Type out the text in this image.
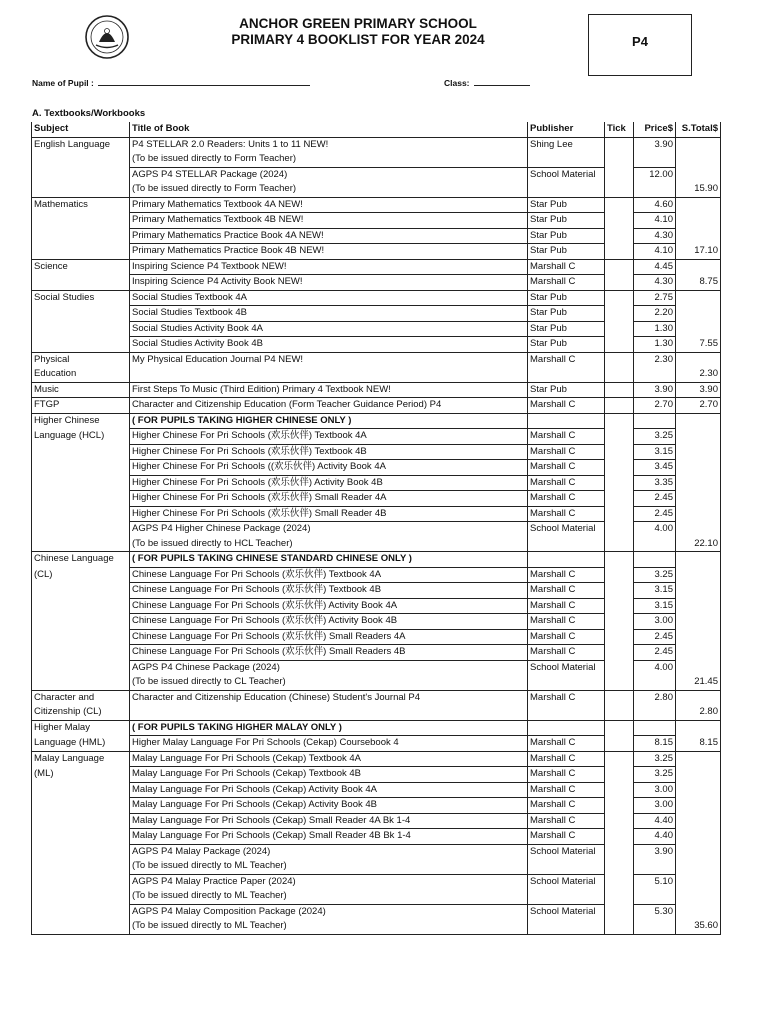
ANCHOR GREEN PRIMARY SCHOOL
PRIMARY 4 BOOKLIST FOR YEAR 2024	P4
Name of Pupil :	Class:
A. Textbooks/Workbooks
Subject	Title of Book	Publisher	Tick	Price$	S.Total$
English Language	P4 STELLAR 2.0 Readers: Units 1 to 11 NEW!	Shing Lee		3.90	
	(To be issued directly to Form Teacher)				
	AGPS P4 STELLAR Package (2024)	School Material		12.00	
	(To be issued directly to Form Teacher)				15.90
Mathematics	Primary Mathematics Textbook 4A NEW!	Star Pub		4.60	
	Primary Mathematics Textbook 4B NEW!	Star Pub		4.10	
	Primary Mathematics Practice Book 4A NEW!	Star Pub		4.30	
	Primary Mathematics Practice Book 4B NEW!	Star Pub		4.10	17.10
Science	Inspiring Science P4 Textbook NEW!	Marshall C		4.45	
	Inspiring Science P4 Activity Book NEW!	Marshall C		4.30	8.75
Social Studies	Social Studies Textbook 4A	Star Pub		2.75	
	Social Studies Textbook 4B	Star Pub		2.20	
	Social Studies Activity Book 4A	Star Pub		1.30	
	Social Studies Activity Book 4B	Star Pub		1.30	7.55
Physical	My Physical Education Journal P4 NEW!	Marshall C		2.30	
Education					2.30
Music	First Steps To Music (Third Edition) Primary 4 Textbook NEW!	Star Pub		3.90	3.90
FTGP	Character and Citizenship Education (Form Teacher Guidance Period) P4	Marshall C		2.70	2.70
Higher Chinese	( FOR PUPILS TAKING HIGHER CHINESE ONLY )				
Language (HCL)	Higher Chinese For Pri Schools (欢乐伙伴) Textbook 4A	Marshall C		3.25	
	Higher Chinese For Pri Schools (欢乐伙伴) Textbook 4B	Marshall C		3.15	
	Higher Chinese For Pri Schools ((欢乐伙伴) Activity Book 4A	Marshall C		3.45	
	Higher Chinese For Pri Schools (欢乐伙伴) Activity Book 4B	Marshall C		3.35	
	Higher Chinese For Pri Schools (欢乐伙伴) Small Reader 4A	Marshall C		2.45	
	Higher Chinese For Pri Schools (欢乐伙伴) Small Reader 4B	Marshall C		2.45	
	AGPS P4 Higher Chinese Package (2024)	School Material		4.00	
	(To be issued directly to HCL Teacher)				22.10
Chinese Language	( FOR PUPILS TAKING CHINESE STANDARD CHINESE ONLY )				
(CL)	Chinese Language For Pri Schools (欢乐伙伴) Textbook 4A	Marshall C		3.25	
	Chinese Language For Pri Schools (欢乐伙伴) Textbook 4B	Marshall C		3.15	
	Chinese Language For Pri Schools (欢乐伙伴) Activity Book 4A	Marshall C		3.15	
	Chinese Language For Pri Schools (欢乐伙伴) Activity Book 4B	Marshall C		3.00	
	Chinese Language For Pri Schools (欢乐伙伴) Small Readers 4A	Marshall C		2.45	
	Chinese Language For Pri Schools (欢乐伙伴) Small Readers 4B	Marshall C		2.45	
	AGPS P4 Chinese Package (2024)	School Material		4.00	
	(To be issued directly to CL Teacher)				21.45
Character and	Character and Citizenship Education (Chinese) Student's Journal P4	Marshall C		2.80	
Citizenship (CL)					2.80
Higher Malay	( FOR PUPILS TAKING HIGHER MALAY ONLY )				
Language (HML)	Higher Malay Language For Pri Schools (Cekap) Coursebook 4	Marshall C		8.15	8.15
Malay Language	Malay Language For Pri Schools (Cekap) Textbook 4A	Marshall C		3.25	
(ML)	Malay Language For Pri Schools (Cekap) Textbook 4B	Marshall C		3.25	
	Malay Language For Pri Schools (Cekap) Activity Book 4A	Marshall C		3.00	
	Malay Language For Pri Schools (Cekap) Activity Book 4B	Marshall C		3.00	
	Malay Language For Pri Schools (Cekap) Small Reader 4A Bk 1-4	Marshall C		4.40	
	Malay Language For Pri Schools (Cekap) Small Reader 4B Bk 1-4	Marshall C		4.40	
	AGPS P4 Malay Package (2024)	School Material		3.90	
	(To be issued directly to ML Teacher)				
	AGPS P4 Malay Practice Paper (2024)	School Material		5.10	
	(To be issued directly to ML Teacher)				
	AGPS P4 Malay Composition Package (2024)	School Material		5.30	
	(To be issued directly to ML Teacher)				35.60
